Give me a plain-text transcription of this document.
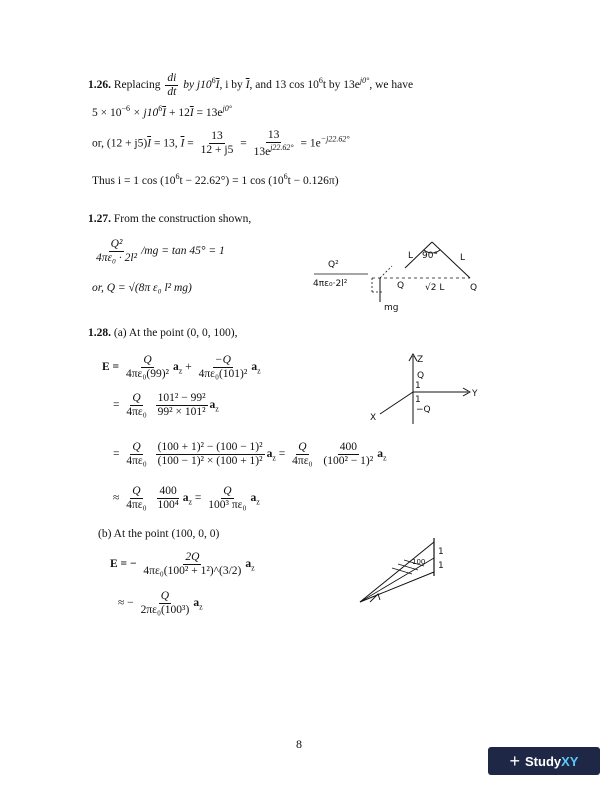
1.26. Replacing $\frac{di}{dt}$ by $j10^6\overline{I}$, i by $\overline{I}$, and 13 $\cos 10^6t$ by $13e^{j0^\circ}$, we have
$5 \times 10^{-6} \times j10^6\overline{I} + 12\overline{I} = 13e^{j0^\circ}$
or, $(12 + j5)\overline{I} = 13$, $\overline{I} = \frac{13}{12 + j5} = \frac{13}{13e^{j22.62^\circ}} = 1e^{-j22.62^\circ}$
Thus i = 1 $\cos (10^6t - 22.62^\circ) = 1$ $\cos (10^6t - 0.126\pi)$
1.27. From the construction shown,
$\frac{\text{Q²}}{\text{4πε₀ · 2l²}} /mg = \tan 45^\circ = 1$
or, Q = √(8π ε₀ l² mg)
Q²
4πε₀·2l²
L	L
90°
Q √2 L	Q
mg
1.28. (a) At the point (0, 0, 100),
$E = \frac{Q}{\text{4πε₀(99)²}} a_z + \frac{-Q}{\text{4πε₀(101)²}} a_z$
= $\frac{Q}{\text{4πε₀}}$
$\frac{\text{101² − 99²}}{\text{99² × 101²}} a_z$
= $\frac{Q}{\text{4πε₀}}$
$\frac{\text{(100 + 1)² − (100 − 1)²}}{\text{(100 − 1)² × (100 + 1)²}} a_z = \frac{Q}{\text{4πε₀}}$
$\frac{400}{\text{(100² − 1)²}} a_z$
≈ $\frac{Q}{\text{4πε₀}}$
$\frac{400}{\text{100⁴}} a_z = \frac{Q}{\text{100³ πε₀}} a_z$
(b) At the point (100, 0, 0)
E = − $\frac{2Q}{\text{4πε₀(100² + 1²)\textasciicircum{}(3/2)}} a_z$
≈ − $\frac{Q}{\text{2πε₀(100³)}} a_z$
Z
Q
1
1
−Q
Y
X
100
1
1
8
+ Study XY
